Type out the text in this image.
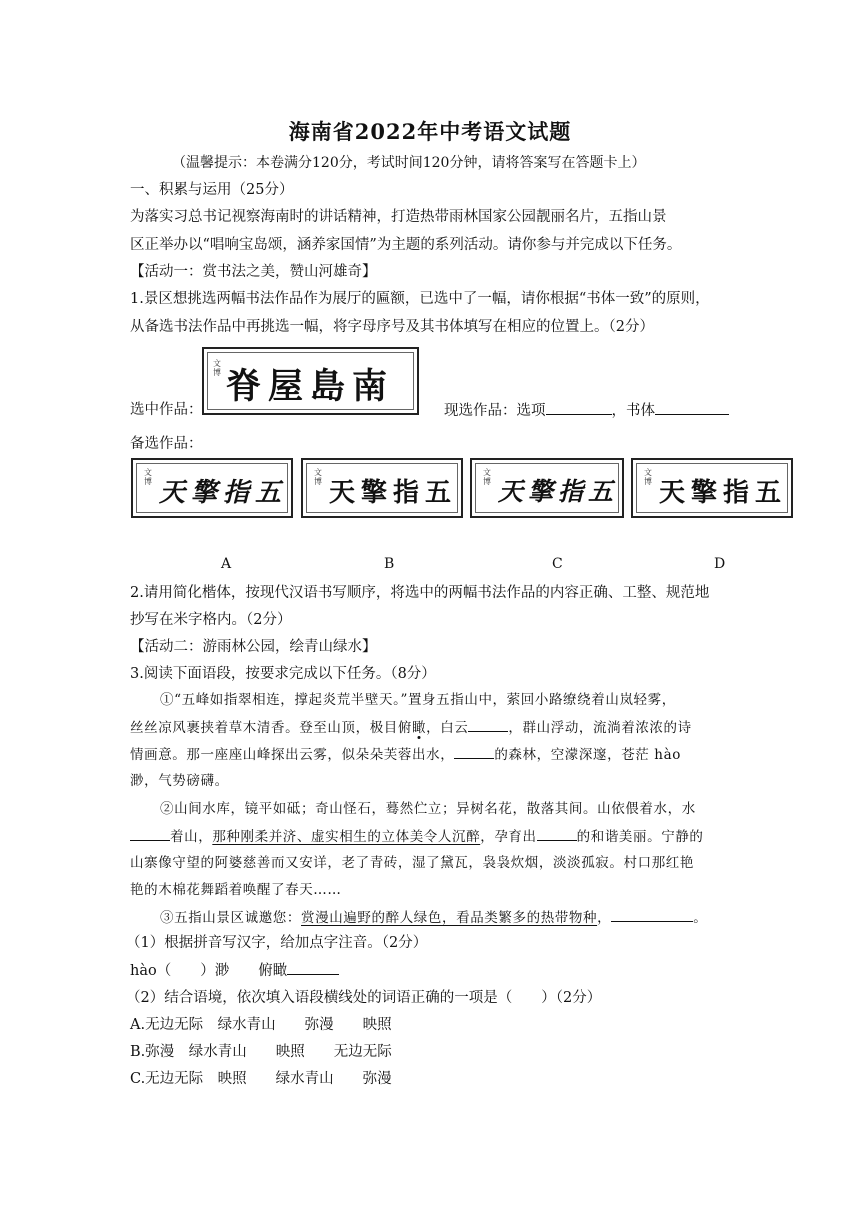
海南省2022年中考语文试题
（温馨提示：本卷满分120分，考试时间120分钟，请将答案写在答题卡上）
一、积累与运用（25分）
为落实习总书记视察海南时的讲话精神，打造热带雨林国家公园靓丽名片，五指山景
区正举办以“唱响宝岛颂，涵养家国情”为主题的系列活动。请你参与并完成以下任务。
【活动一：赏书法之美，赞山河雄奇】
1.景区想挑选两幅书法作品作为展厅的匾额，已选中了一幅，请你根据“书体一致”的原则，
从备选书法作品中再挑选一幅，将字母序号及其书体填写在相应的位置上。（2分）
选中作品：
文博 南島屋脊
现选作品：选项	，书体
备选作品：
文博 五指擎天
文博 五指擎天
文博 五指擎天
文博 五指擎天
A	B	C	D
2.请用简化楷体，按现代汉语书写顺序，将选中的两幅书法作品的内容正确、工整、规范地
抄写在米字格内。（2分）
【活动二：游雨林公园，绘青山绿水】
3.阅读下面语段，按要求完成以下任务。（8分）
①“五峰如指翠相连，撑起炎荒半壁天。”置身五指山中，萦回小路缭绕着山岚轻雾，
丝丝凉风裹挟着草木清香。登至山顶，极目俯瞰，白云	，群山浮动，流淌着浓浓的诗
情画意。那一座座山峰探出云雾，似朵朵芙蓉出水，	的森林，空濛深邃，苍茫 hào
渺，气势磅礴。
②山间水库，镜平如砥；奇山怪石，蓦然伫立；异树名花，散落其间。山依偎着水，水
着山，那种刚柔并济、虚实相生的立体美令人沉醉，孕育出	的和谐美丽。宁静的
山寨像守望的阿婆慈善而又安详，老了青砖，湿了黛瓦，袅袅炊烟，淡淡孤寂。村口那红艳
艳的木棉花舞蹈着唤醒了春天……
③五指山景区诚邀您：赏漫山遍野的醉人绿色，看品类繁多的热带物种，	。
（1）根据拼音写汉字，给加点字注音。（2分）
hào（　　）渺　　俯瞰
（2）结合语境，依次填入语段横线处的词语正确的一项是（　　）（2分）
A.无边无际　绿水青山　　弥漫　　映照
B.弥漫　绿水青山　　映照　　无边无际
C.无边无际　映照　　绿水青山　　弥漫
